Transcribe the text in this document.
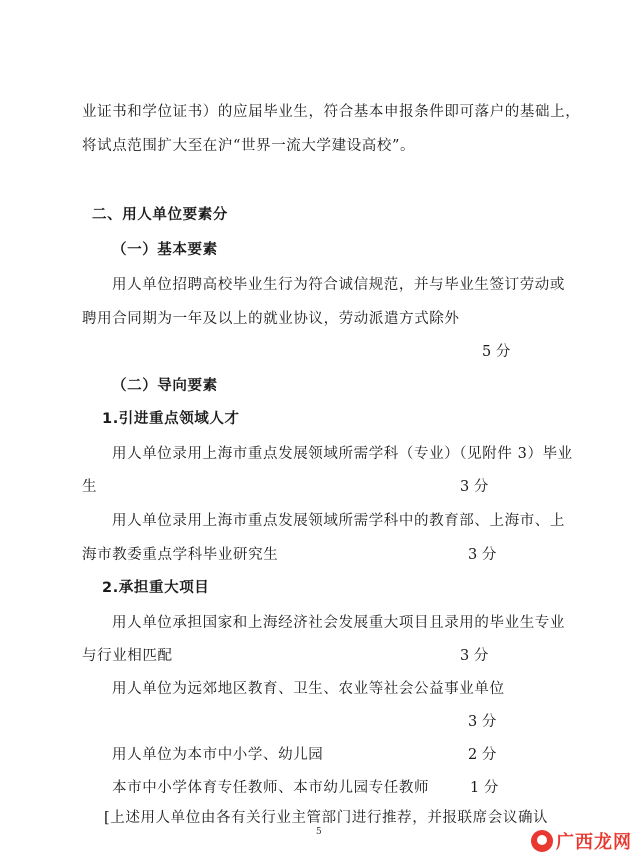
业证书和学位证书）的应届毕业生，符合基本申报条件即可落户的基础上，
将试点范围扩大至在沪“世界一流大学建设高校”。
二、用人单位要素分
（一）基本要素
用人单位招聘高校毕业生行为符合诚信规范，并与毕业生签订劳动或
聘用合同期为一年及以上的就业协议，劳动派遣方式除外
5 分
（二）导向要素
1.引进重点领域人才
用人单位录用上海市重点发展领域所需学科（专业）（见附件 3）毕业
生	3 分
用人单位录用上海市重点发展领域所需学科中的教育部、上海市、上
海市教委重点学科毕业研究生	3 分
2.承担重大项目
用人单位承担国家和上海经济社会发展重大项目且录用的毕业生专业
与行业相匹配	3 分
用人单位为远郊地区教育、卫生、农业等社会公益事业单位
3 分
用人单位为本市中小学、幼儿园	2 分
本市中小学体育专任教师、本市幼儿园专任教师	1 分
[上述用人单位由各有关行业主管部门进行推荐，并报联席会议确认
5	广西龙网
